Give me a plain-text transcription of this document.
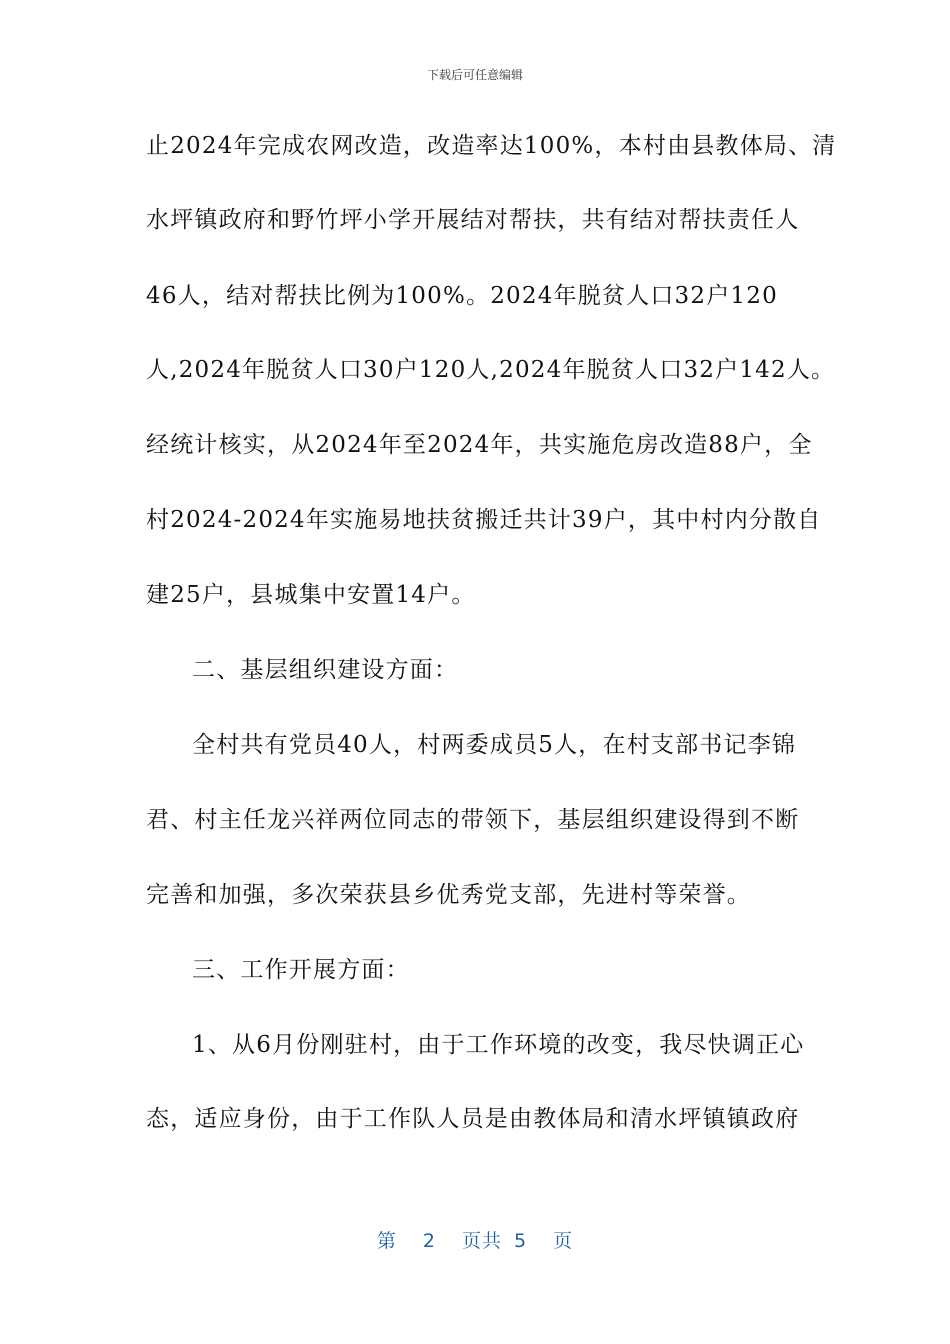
下载后可任意编辑
止2024年完成农网改造，改造率达100%，本村由县教体局、清
水坪镇政府和野竹坪小学开展结对帮扶，共有结对帮扶责任人
46人，结对帮扶比例为100%。2024年脱贫人口32户120
人,2024年脱贫人口30户120人,2024年脱贫人口32户142人。
经统计核实，从2024年至2024年，共实施危房改造88户，全
村2024-2024年实施易地扶贫搬迁共计39户，其中村内分散自
建25户，县城集中安置14户。
二、基层组织建设方面：
全村共有党员40人，村两委成员5人，在村支部书记李锦
君、村主任龙兴祥两位同志的带领下，基层组织建设得到不断
完善和加强，多次荣获县乡优秀党支部，先进村等荣誉。
三、工作开展方面：
1、从6月份刚驻村，由于工作环境的改变，我尽快调正心
态，适应身份，由于工作队人员是由教体局和清水坪镇镇政府
第 2 页共 5 页
